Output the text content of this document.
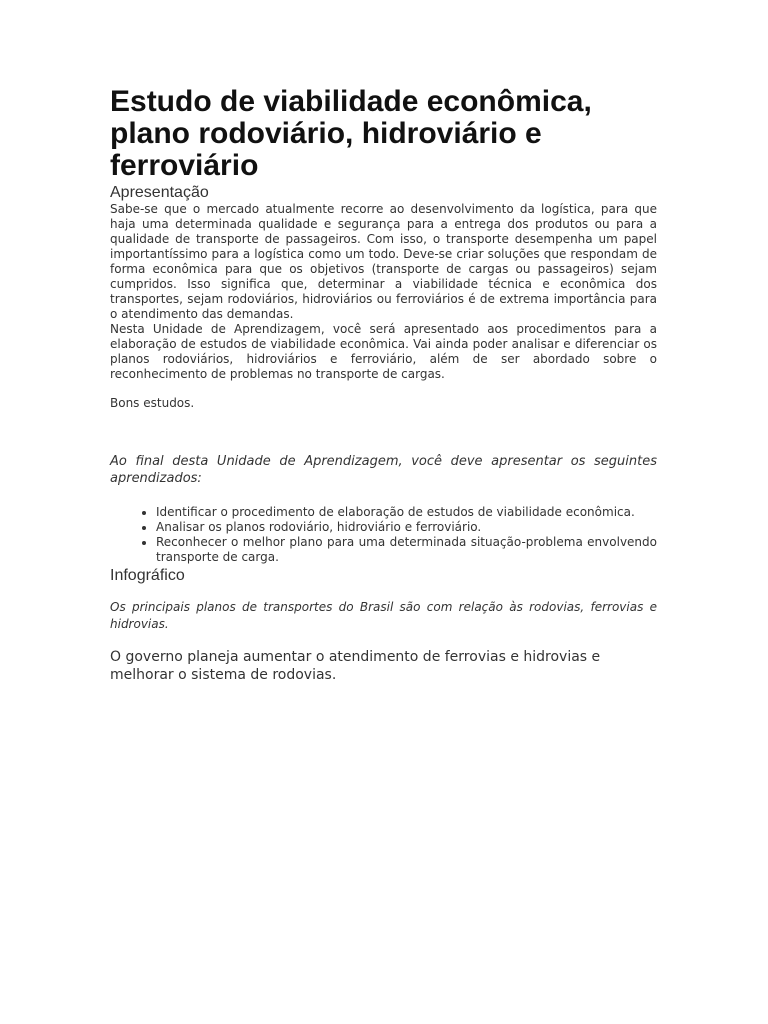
Estudo de viabilidade econômica, plano rodoviário, hidroviário e ferroviário
Apresentação

Sabe-se que o mercado atualmente recorre ao desenvolvimento da logística, para que haja uma determinada qualidade e segurança para a entrega dos produtos ou para a qualidade de transporte de passageiros. Com isso, o transporte desempenha um papel importantíssimo para a logística como um todo. Deve-se criar soluções que respondam de forma econômica para que os objetivos (transporte de cargas ou passageiros) sejam cumpridos. Isso significa que, determinar a viabilidade técnica e econômica dos transportes, sejam rodoviários, hidroviários ou ferroviários é de extrema importância para o atendimento das demandas.

Nesta Unidade de Aprendizagem, você será apresentado aos procedimentos para a elaboração de estudos de viabilidade econômica. Vai ainda poder analisar e diferenciar os planos rodoviários, hidroviários e ferroviário, além de ser abordado sobre o reconhecimento de problemas no transporte de cargas.

Bons estudos.

Ao final desta Unidade de Aprendizagem, você deve apresentar os seguintes aprendizados:

• Identificar o procedimento de elaboração de estudos de viabilidade econômica.
• Analisar os planos rodoviário, hidroviário e ferroviário.
• Reconhecer o melhor plano para uma determinada situação-problema envolvendo transporte de carga.
Infográfico

Os principais planos de transportes do Brasil são com relação às rodovias, ferrovias e hidrovias.

O governo planeja aumentar o atendimento de ferrovias e hidrovias e melhorar o sistema de rodovias.
